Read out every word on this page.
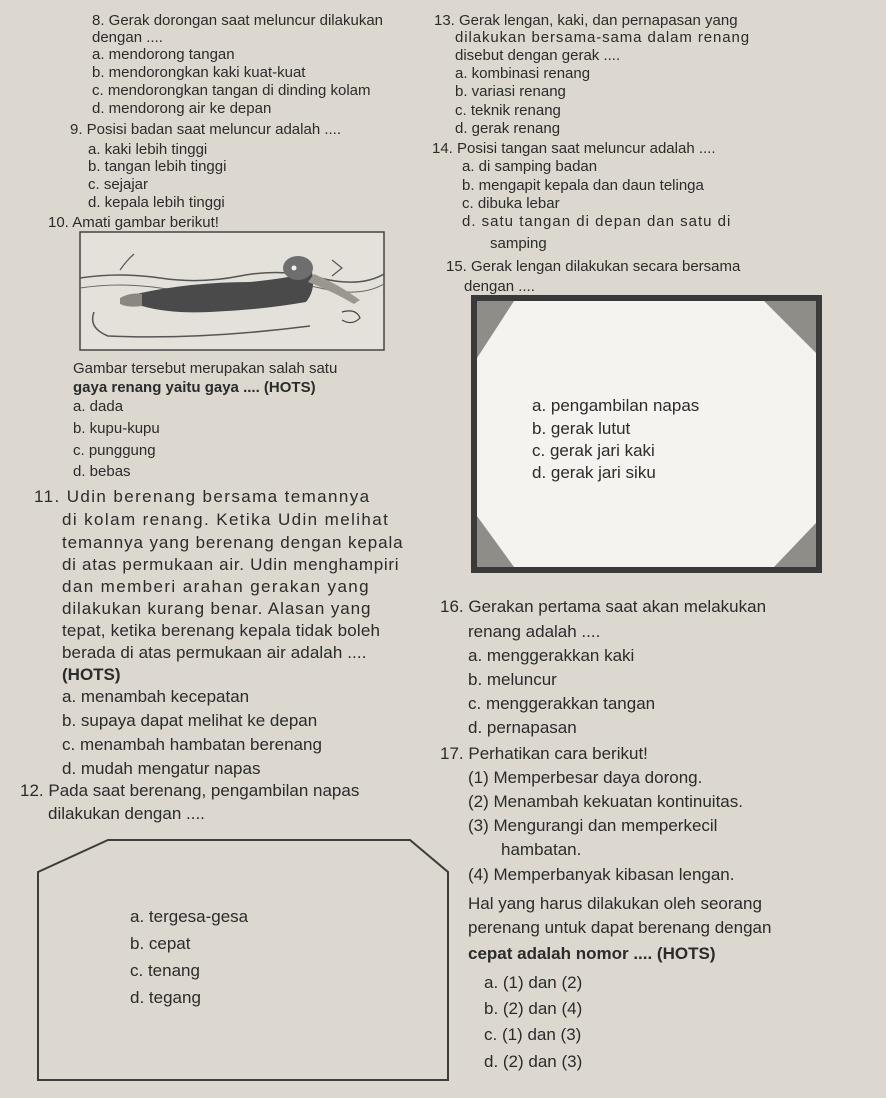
8. Gerak dorongan saat meluncur dilakukan
dengan ....
a. mendorong tangan
b. mendorongkan kaki kuat-kuat
c. mendorongkan tangan di dinding kolam
d. mendorong air ke depan
9. Posisi badan saat meluncur adalah ....
a. kaki lebih tinggi
b. tangan lebih tinggi
c. sejajar
d. kepala lebih tinggi
10. Amati gambar berikut!
Gambar tersebut merupakan salah satu
gaya renang yaitu gaya .... (HOTS)
a. dada
b. kupu-kupu
c. punggung
d. bebas
11. Udin berenang bersama temannya
di kolam renang. Ketika Udin melihat
temannya yang berenang dengan kepala
di atas permukaan air. Udin menghampiri
dan memberi arahan gerakan yang
dilakukan kurang benar. Alasan yang
tepat, ketika berenang kepala tidak boleh
berada di atas permukaan air adalah ....
(HOTS)
a. menambah kecepatan
b. supaya dapat melihat ke depan
c. menambah hambatan berenang
d. mudah mengatur napas
12. Pada saat berenang, pengambilan napas
dilakukan dengan ....
a. tergesa-gesa
b. cepat
c. tenang
d. tegang
13. Gerak lengan, kaki, dan pernapasan yang
dilakukan bersama-sama dalam renang
disebut dengan gerak ....
a. kombinasi renang
b. variasi renang
c. teknik renang
d. gerak renang
14. Posisi tangan saat meluncur adalah ....
a. di samping badan
b. mengapit kepala dan daun telinga
c. dibuka lebar
d. satu tangan di depan dan satu di
samping
15. Gerak lengan dilakukan secara bersama
dengan ....
a. pengambilan napas
b. gerak lutut
c. gerak jari kaki
d. gerak jari siku
16. Gerakan pertama saat akan melakukan
renang adalah ....
a. menggerakkan kaki
b. meluncur
c. menggerakkan tangan
d. pernapasan
17. Perhatikan cara berikut!
(1) Memperbesar daya dorong.
(2) Menambah kekuatan kontinuitas.
(3) Mengurangi dan memperkecil
hambatan.
(4) Memperbanyak kibasan lengan.
Hal yang harus dilakukan oleh seorang
perenang untuk dapat berenang dengan
cepat adalah nomor .... (HOTS)
a. (1) dan (2)
b. (2) dan (4)
c. (1) dan (3)
d. (2) dan (3)
